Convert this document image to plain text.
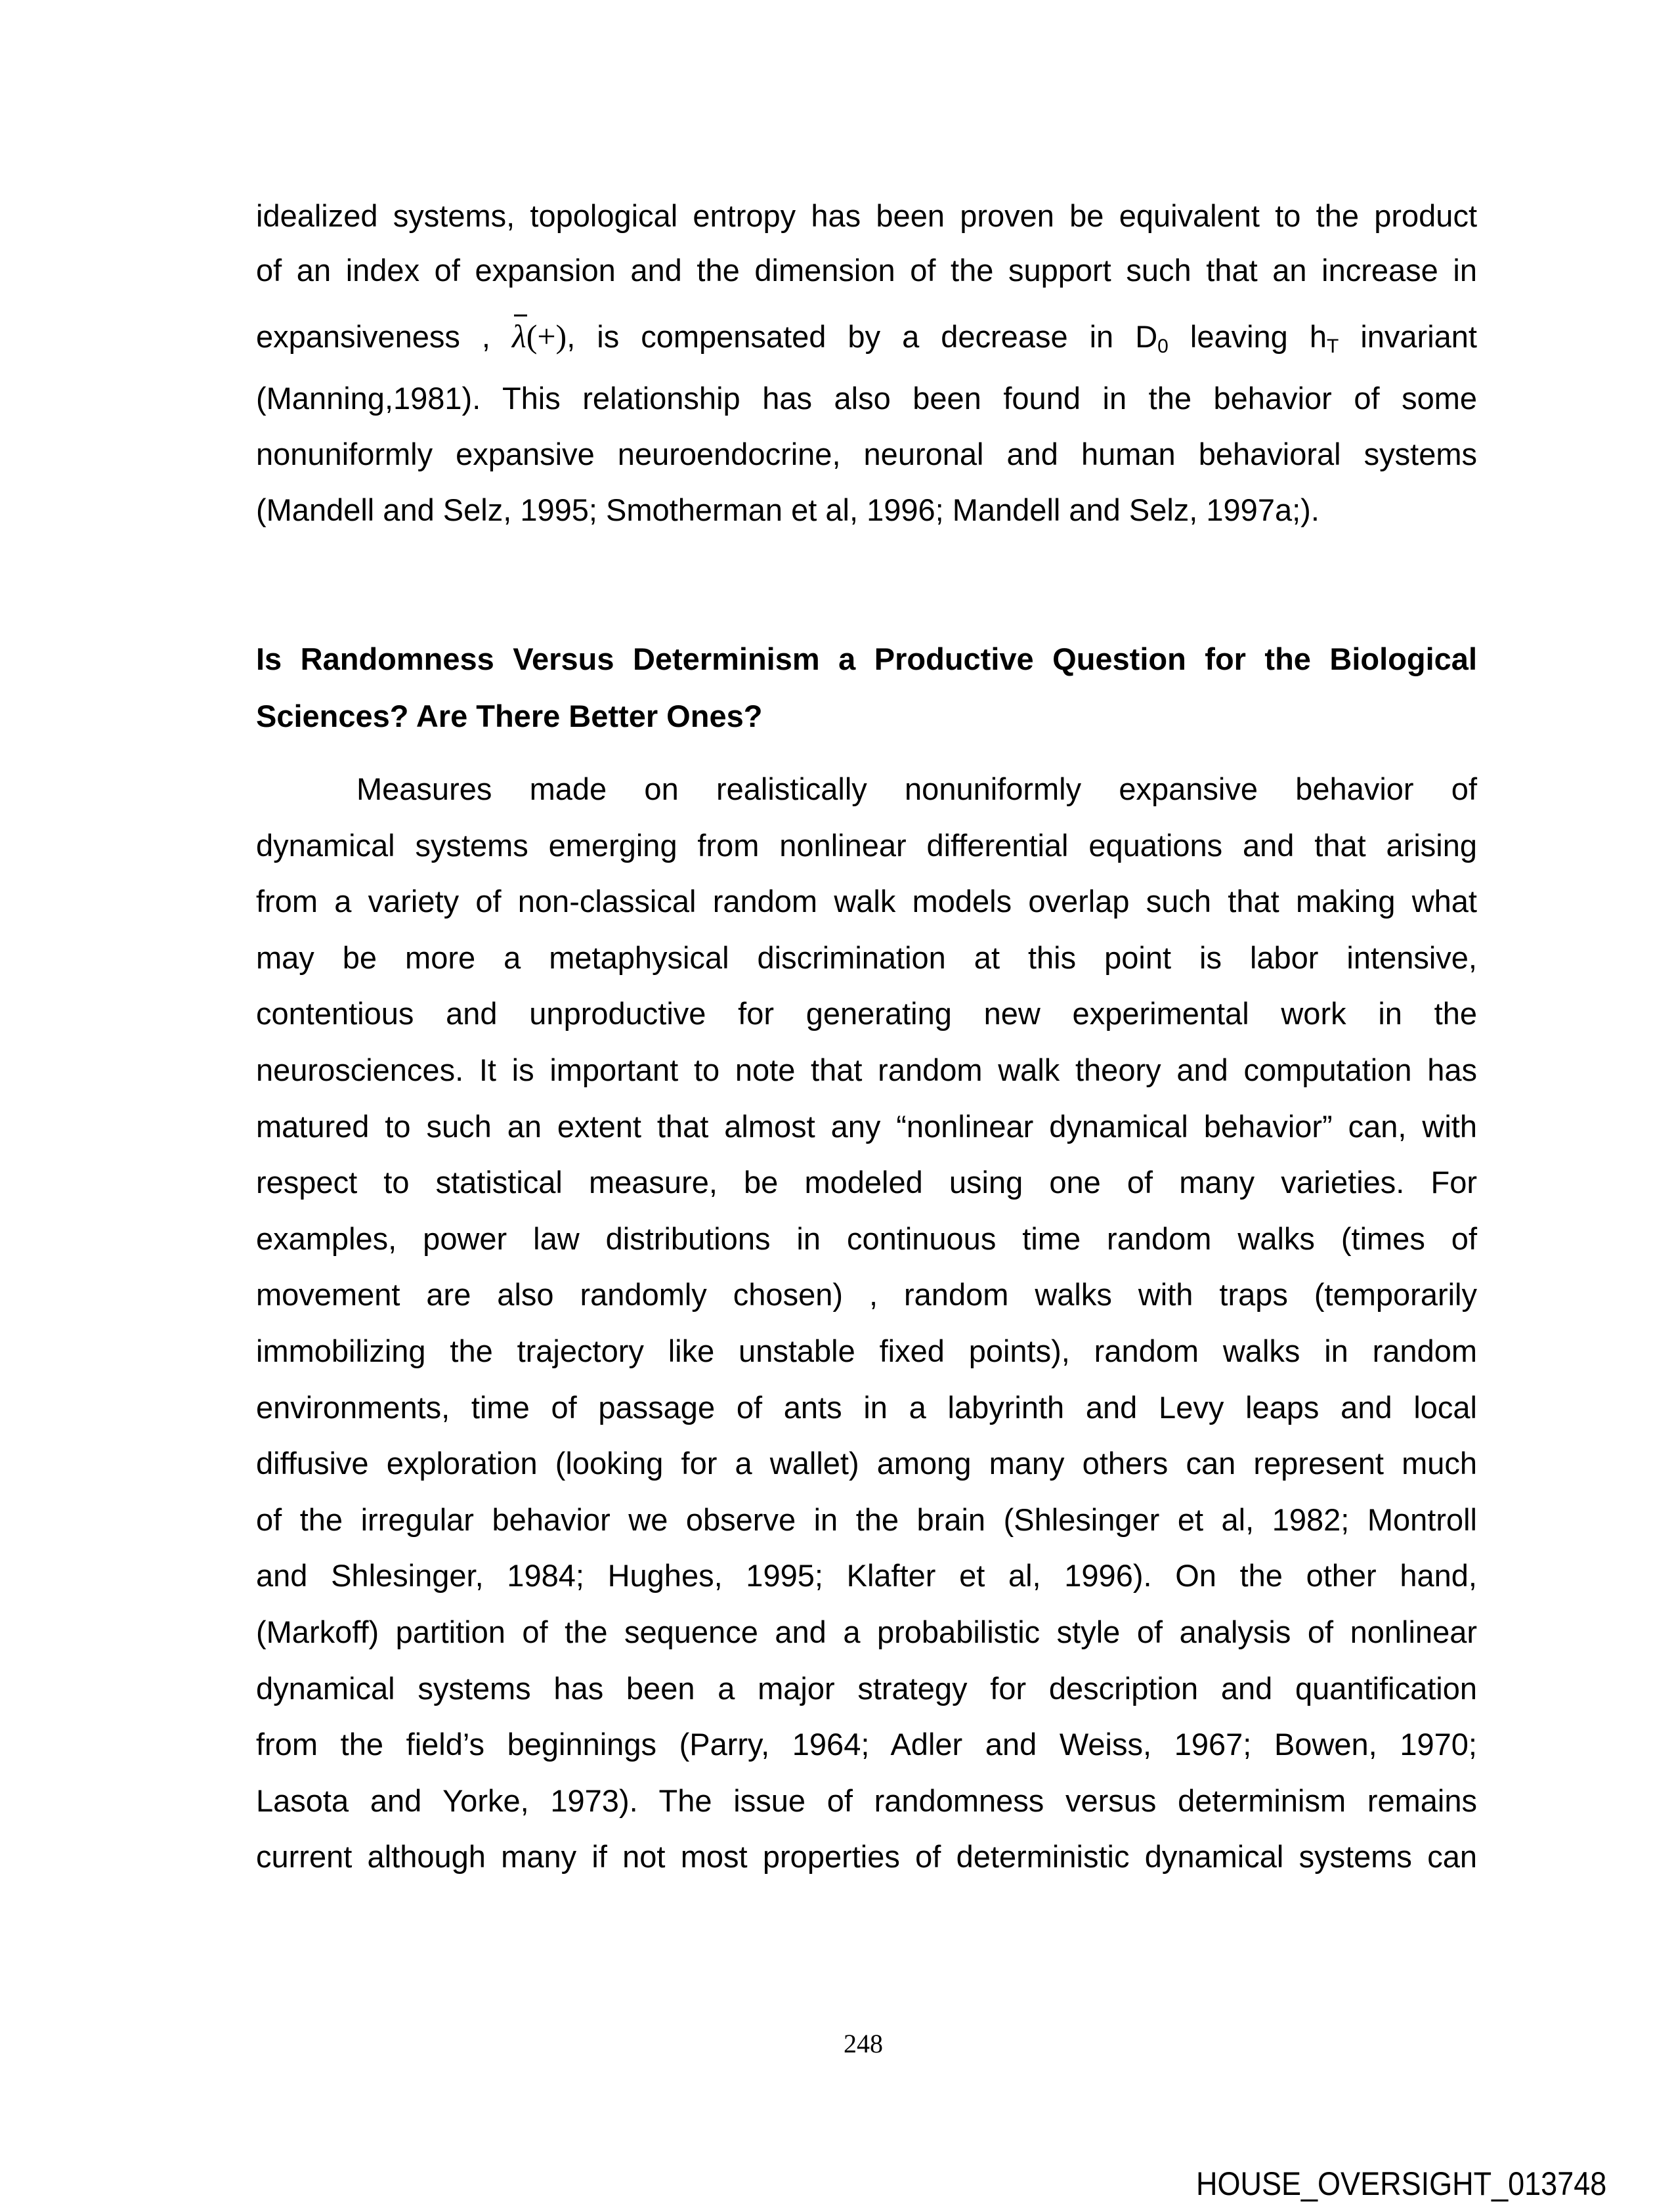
idealized systems, topological entropy has been proven be equivalent to the product
of an index of expansion and the dimension of the support such that an increase in
expansiveness , λ(+), is compensated by a decrease in $D_0$ leaving $h_T$ invariant
(Manning,1981). This relationship has also been found in the behavior of some
nonuniformly expansive neuroendocrine, neuronal and human behavioral systems
(Mandell and Selz, 1995; Smotherman et al, 1996; Mandell and Selz, 1997a;).
Is Randomness Versus Determinism a Productive Question for the Biological
Sciences? Are There Better Ones?
Measures made on realistically nonuniformly expansive behavior of
dynamical systems emerging from nonlinear differential equations and that arising
from a variety of non-classical random walk models overlap such that making what
may be more a metaphysical discrimination at this point is labor intensive,
contentious and unproductive for generating new experimental work in the
neurosciences. It is important to note that random walk theory and computation has
matured to such an extent that almost any “nonlinear dynamical behavior” can, with
respect to statistical measure, be modeled using one of many varieties. For
examples, power law distributions in continuous time random walks (times of
movement are also randomly chosen) , random walks with traps (temporarily
immobilizing the trajectory like unstable fixed points), random walks in random
environments, time of passage of ants in a labyrinth and Levy leaps and local
diffusive exploration (looking for a wallet) among many others can represent much
of the irregular behavior we observe in the brain (Shlesinger et al, 1982; Montroll
and Shlesinger, 1984; Hughes, 1995; Klafter et al, 1996). On the other hand,
(Markoff) partition of the sequence and a probabilistic style of analysis of nonlinear
dynamical systems has been a major strategy for description and quantification
from the field’s beginnings (Parry, 1964; Adler and Weiss, 1967; Bowen, 1970;
Lasota and Yorke, 1973). The issue of randomness versus determinism remains
current although many if not most properties of deterministic dynamical systems can
248
HOUSE_OVERSIGHT_013748
